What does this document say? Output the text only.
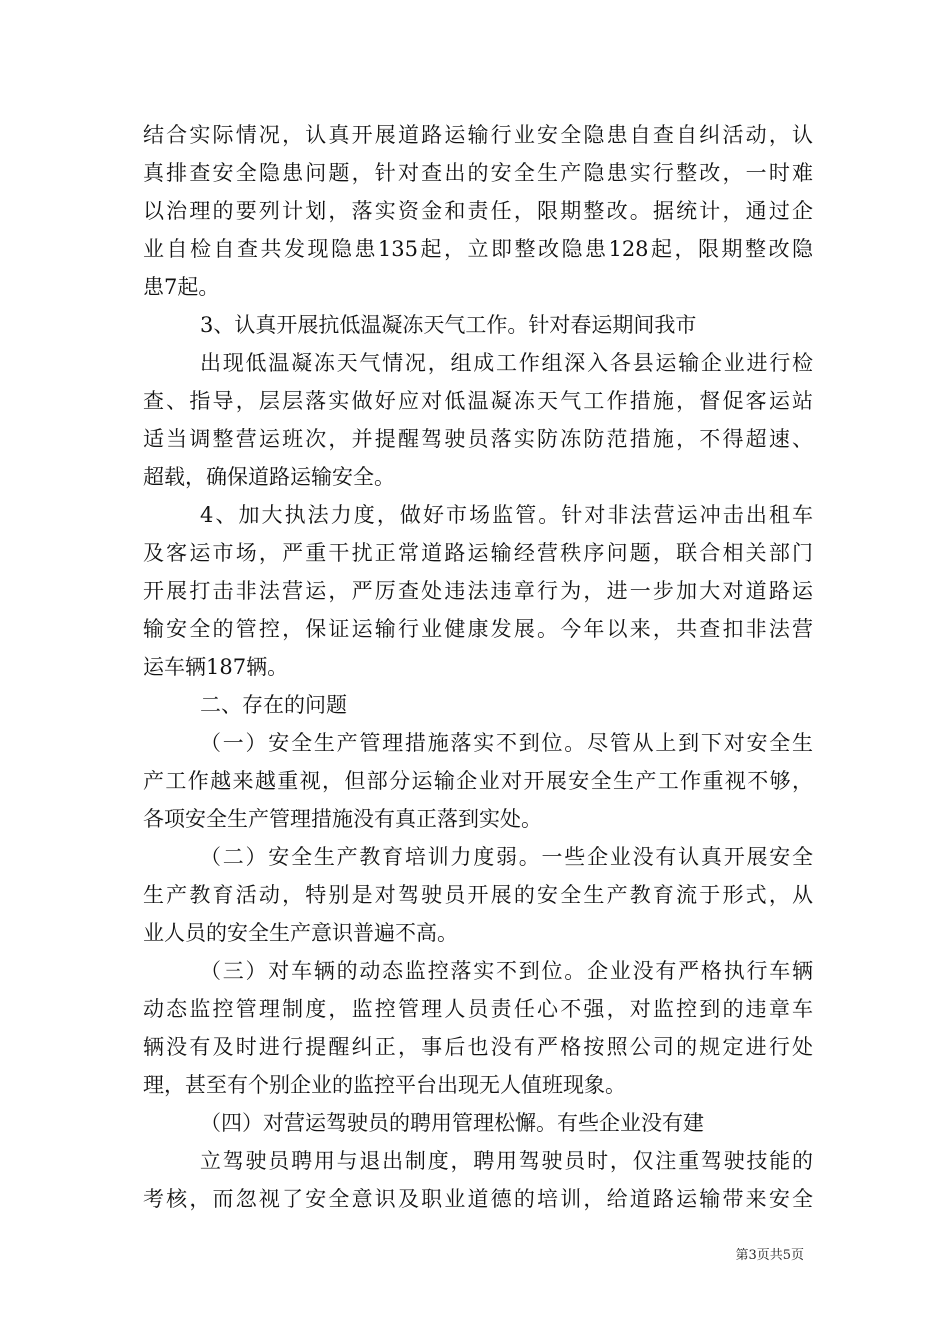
结合实际情况，认真开展道路运输行业安全隐患自查自纠活动，认

真排查安全隐患问题，针对查出的安全生产隐患实行整改，一时难

以治理的要列计划，落实资金和责任，限期整改。据统计，通过企

业自检自查共发现隐患135起，立即整改隐患128起，限期整改隐

患7起。

3、认真开展抗低温凝冻天气工作。针对春运期间我市

出现低温凝冻天气情况，组成工作组深入各县运输企业进行检

查、指导，层层落实做好应对低温凝冻天气工作措施，督促客运站

适当调整营运班次，并提醒驾驶员落实防冻防范措施，不得超速、

超载，确保道路运输安全。

4、加大执法力度，做好市场监管。针对非法营运冲击出租车

及客运市场，严重干扰正常道路运输经营秩序问题，联合相关部门

开展打击非法营运，严厉查处违法违章行为，进一步加大对道路运

输安全的管控，保证运输行业健康发展。今年以来，共查扣非法营

运车辆187辆。

二、存在的问题

（一）安全生产管理措施落实不到位。尽管从上到下对安全生

产工作越来越重视，但部分运输企业对开展安全生产工作重视不够，

各项安全生产管理措施没有真正落到实处。

（二）安全生产教育培训力度弱。一些企业没有认真开展安全

生产教育活动，特别是对驾驶员开展的安全生产教育流于形式，从

业人员的安全生产意识普遍不高。

（三）对车辆的动态监控落实不到位。企业没有严格执行车辆

动态监控管理制度，监控管理人员责任心不强，对监控到的违章车

辆没有及时进行提醒纠正，事后也没有严格按照公司的规定进行处

理，甚至有个别企业的监控平台出现无人值班现象。

（四）对营运驾驶员的聘用管理松懈。有些企业没有建

立驾驶员聘用与退出制度，聘用驾驶员时，仅注重驾驶技能的

考核，而忽视了安全意识及职业道德的培训，给道路运输带来安全

第3页共5页
